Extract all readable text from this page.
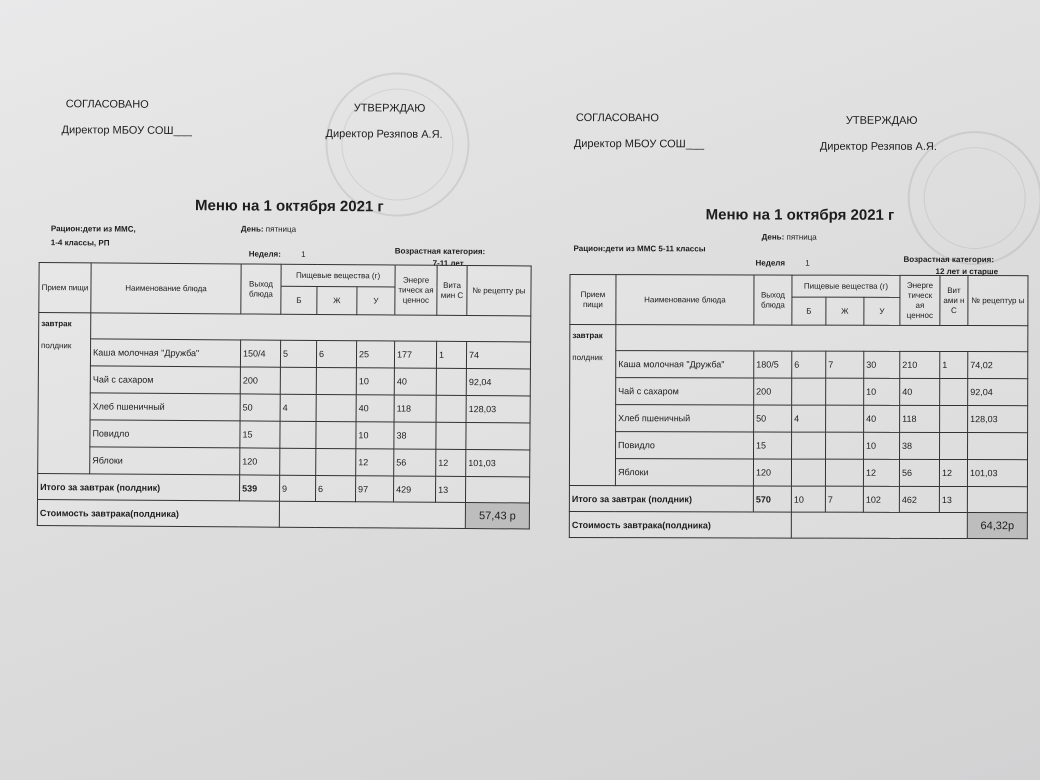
СОГЛАСОВАНО
Директор МБОУ СОШ___
УТВЕРЖДАЮ
Директор Резяпов А.Я.
Меню на 1 октября 2021 г
Рацион:дети из ММС,
1-4 классы, РП
День: пятница
Неделя:	1	Возрастная категория:
7-11 лет
Прием пищи	Наименование блюда	Выход блюда	Пищевые вещества (г)			Энерге тическ ая ценнос	Вита мин С	№ рецепту ры
			Б	Ж	У			

завтрак
полдник								
	Каша молочная "Дружба"	150/4	5	6	25	177	1	74
	Чай с сахаром	200			10	40		92,04
	Хлеб пшеничный	50	4		40	118		128,03
	Повидло	15			10	38		
	Яблоки	120			12	56	12	101,03
Итого за завтрак (полдник)		539	9	6	97	429	13	
Стоимость завтрака(полдника)								57,43 р
СОГЛАСОВАНО
Директор МБОУ СОШ___
УТВЕРЖДАЮ
Директор Резяпов А.Я.
Меню на 1 октября 2021 г
Рацион:дети из ММС 5-11 классы
День: пятница
Неделя	1	Возрастная категория:
12 лет и старше
Прием пищи	Наименование блюда	Выход блюда	Пищевые вещества (г)			Энерге тическ ая ценнос	Вит ами н С	№ рецептур ы
			Б	Ж	У			

завтрак
полдник								
	Каша молочная "Дружба"	180/5	6	7	30	210	1	74,02
	Чай с сахаром	200			10	40		92,04
	Хлеб пшеничный	50	4		40	118		128,03
	Повидло	15			10	38		
	Яблоки	120			12	56	12	101,03
Итого за завтрак (полдник)		570	10	7	102	462	13	
Стоимость завтрака(полдника)								64,32р
